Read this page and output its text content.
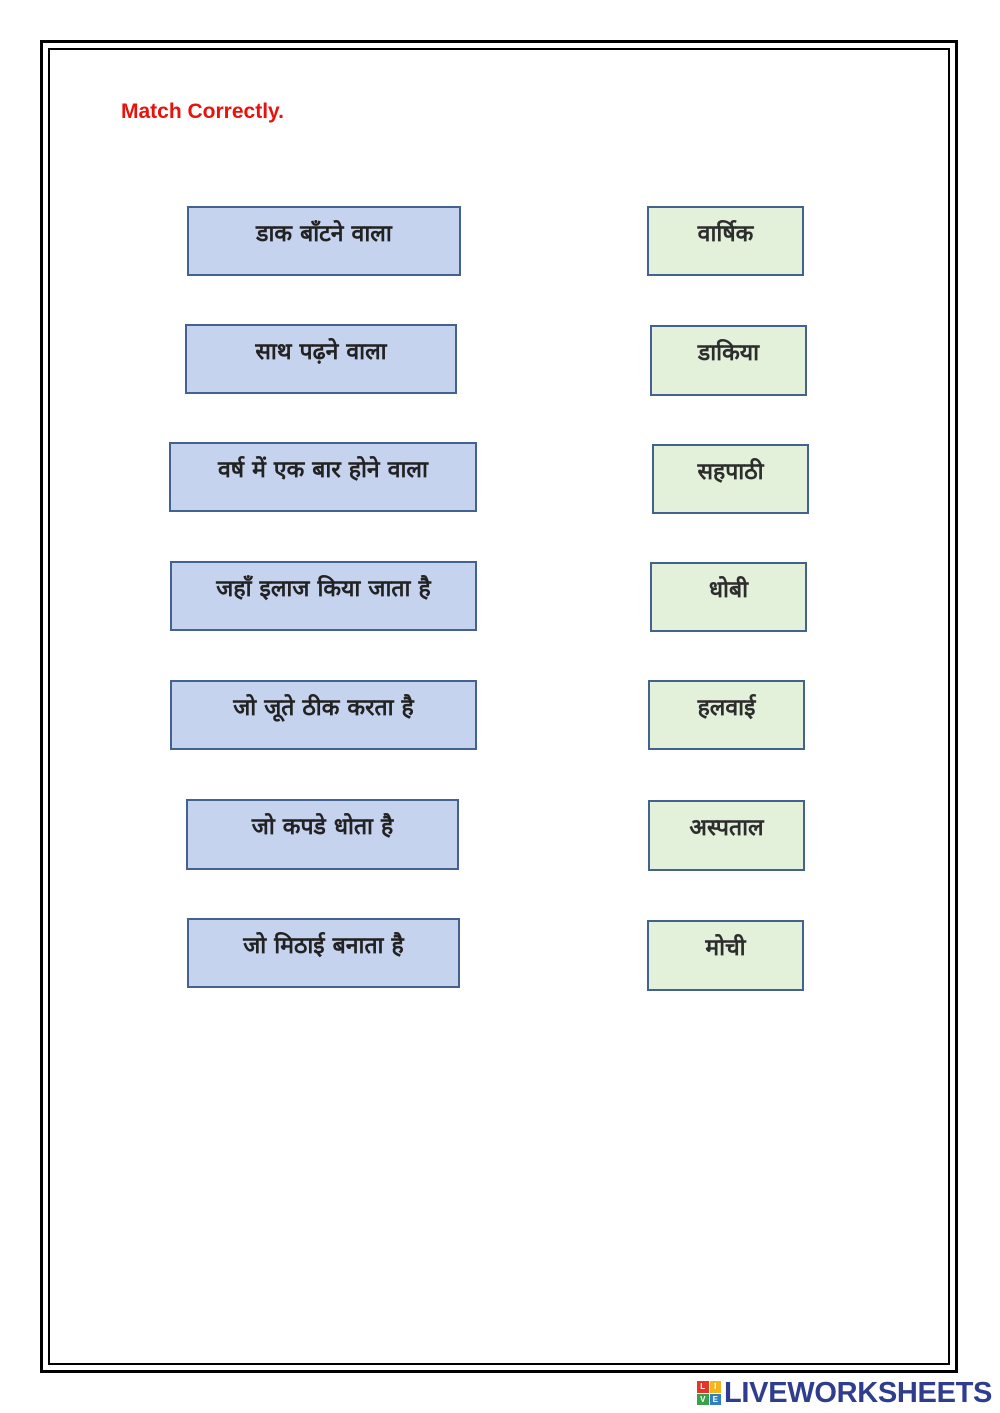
Match Correctly.
डाक बाँटने वाला
साथ पढ़ने वाला
वर्ष में एक बार होने वाला
जहाँ इलाज किया जाता है
जो जूते ठीक करता है
जो कपडे धोता है
जो मिठाई बनाता है
वार्षिक
डाकिया
सहपाठी
धोबी
हलवाई
अस्पताल
मोची
L	I
V E LIVEWORKSHEETS
